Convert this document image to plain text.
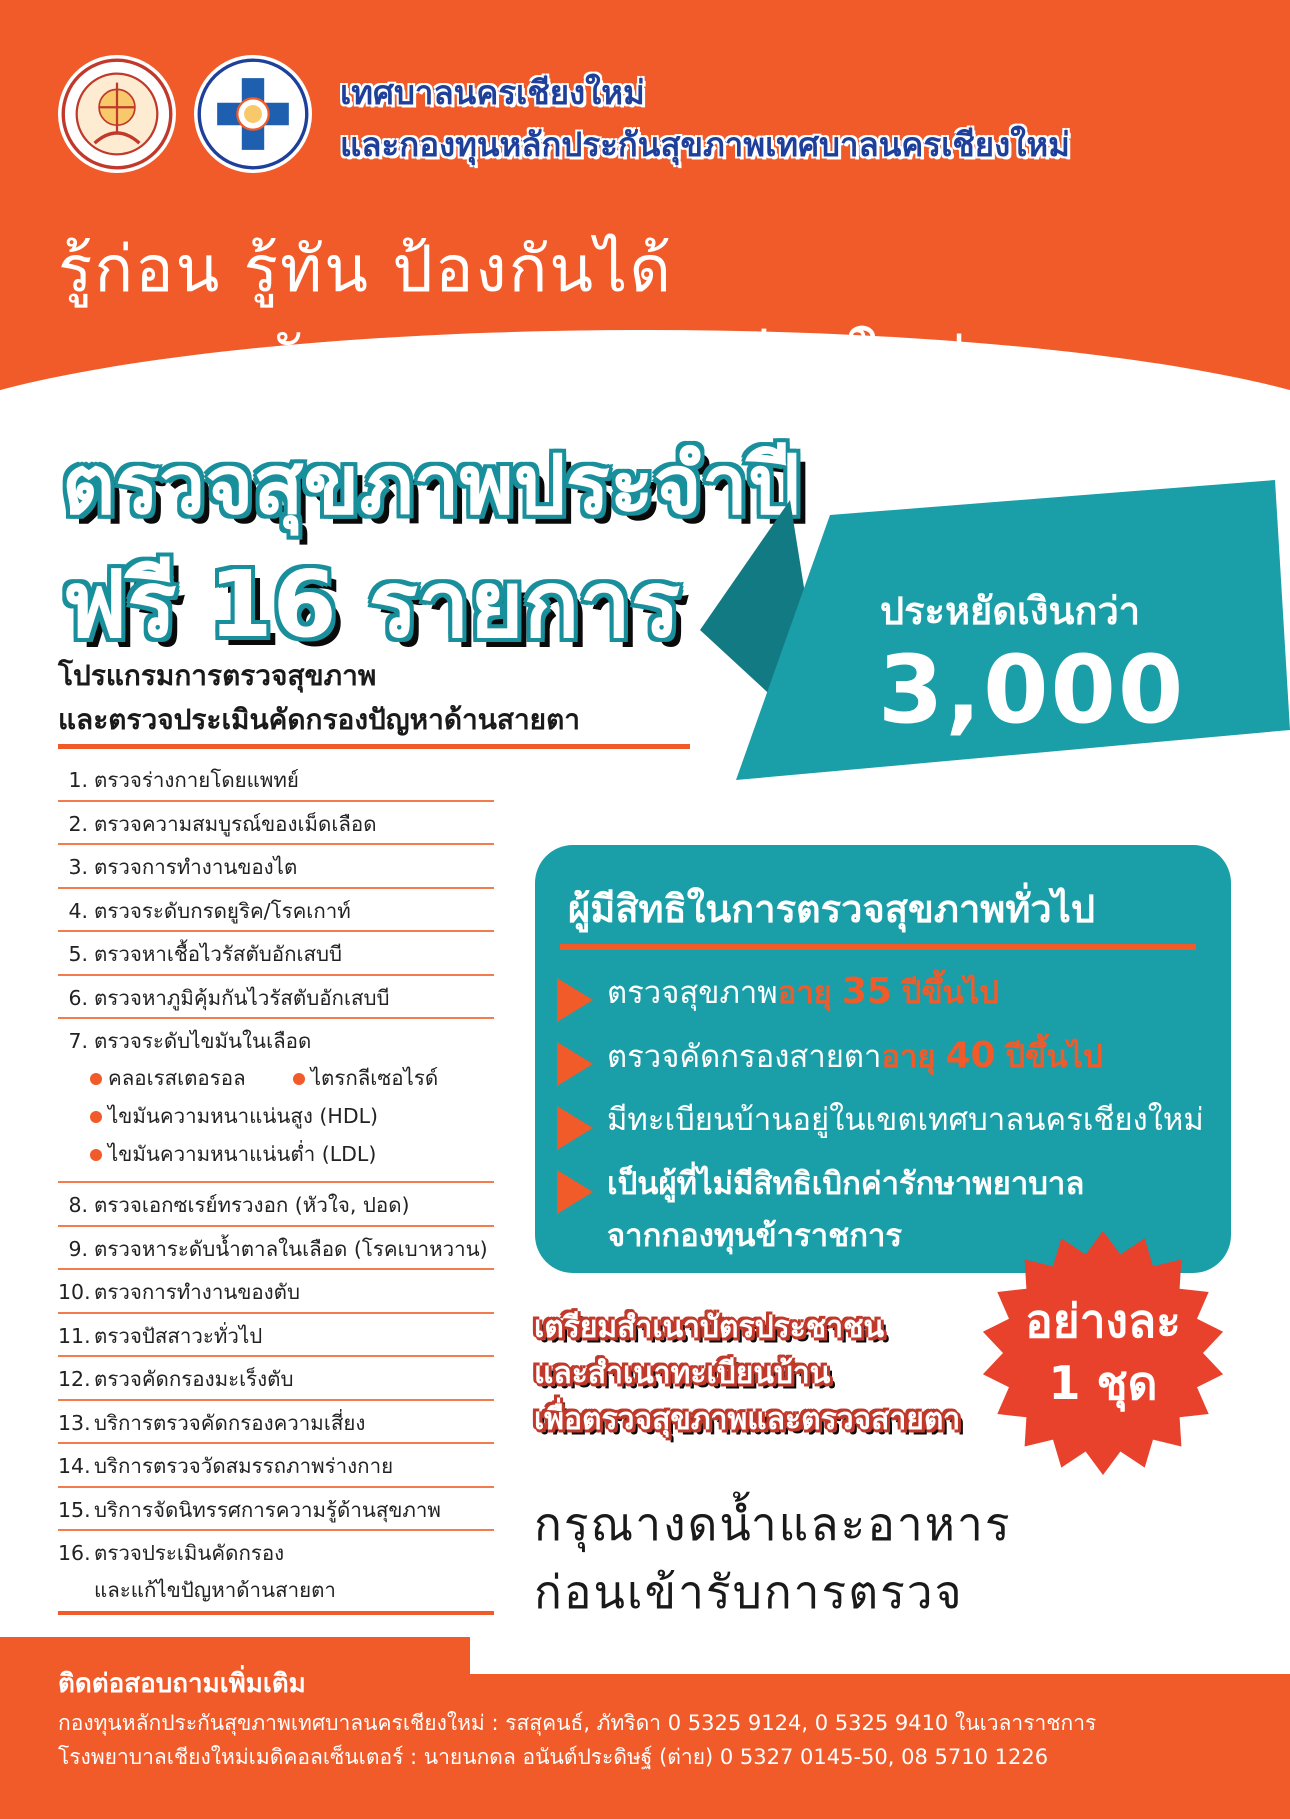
เทศบาลนครเชียงใหม่
และกองทุนหลักประกันสุขภาพเทศบาลนครเชียงใหม่
รู้ก่อน รู้ทัน ป้องกันได้
กับเทศบาลนครเชียงใหม่
ตรวจสุขภาพประจำปี
ฟรี 16 รายการ	ประหยัดเงินกว่า
3,000
โปรแกรมการตรวจสุขภาพ
และตรวจประเมินคัดกรองปัญหาด้านสายตา
1. ตรวจร่างกายโดยแพทย์
2. ตรวจความสมบูรณ์ของเม็ดเลือด
3. ตรวจการทำงานของไต
4. ตรวจระดับกรดยูริค/โรคเกาท์
5. ตรวจหาเชื้อไวรัสตับอักเสบบี
6. ตรวจหาภูมิคุ้มกันไวรัสตับอักเสบบี
7. ตรวจระดับไขมันในเลือด
คลอเรสเตอรอล	ไตรกลีเซอไรด์
ไขมันความหนาแน่นสูง (HDL)
ไขมันความหนาแน่นต่ำ (LDL)
8. ตรวจเอกซเรย์ทรวงอก (หัวใจ, ปอด)
9. ตรวจหาระดับน้ำตาลในเลือด (โรคเบาหวาน)
10. ตรวจการทำงานของตับ
11. ตรวจปัสสาวะทั่วไป
12. ตรวจคัดกรองมะเร็งตับ
13. บริการตรวจคัดกรองความเสี่ยง
14. บริการตรวจวัดสมรรถภาพร่างกาย
15. บริการจัดนิทรรศการความรู้ด้านสุขภาพ
16. ตรวจประเมินคัดกรอง
และแก้ไขปัญหาด้านสายตา
ผู้มีสิทธิในการตรวจสุขภาพทั่วไป
ตรวจสุขภาพอายุ 35 ปีขึ้นไป
ตรวจคัดกรองสายตาอายุ 40 ปีขึ้นไป
มีทะเบียนบ้านอยู่ในเขตเทศบาลนครเชียงใหม่
เป็นผู้ที่ไม่มีสิทธิเบิกค่ารักษาพยาบาล
จากกองทุนข้าราชการ
เตรียมสำเนาบัตรประชาชน
และสำเนาทะเบียนบ้าน
เพื่อตรวจสุขภาพและตรวจสายตา
อย่างละ
1 ชุด
กรุณางดน้ำและอาหาร
ก่อนเข้ารับการตรวจ
ติดต่อสอบถามเพิ่มเติม
กองทุนหลักประกันสุขภาพเทศบาลนครเชียงใหม่ : รสสุคนธ์, ภัทริดา 0 5325 9124, 0 5325 9410 ในเวลาราชการ
โรงพยาบาลเชียงใหม่เมดิคอลเซ็นเตอร์ : นายนกดล อนันต์ประดิษฐ์ (ต่าย) 0 5327 0145-50, 08 5710 1226
